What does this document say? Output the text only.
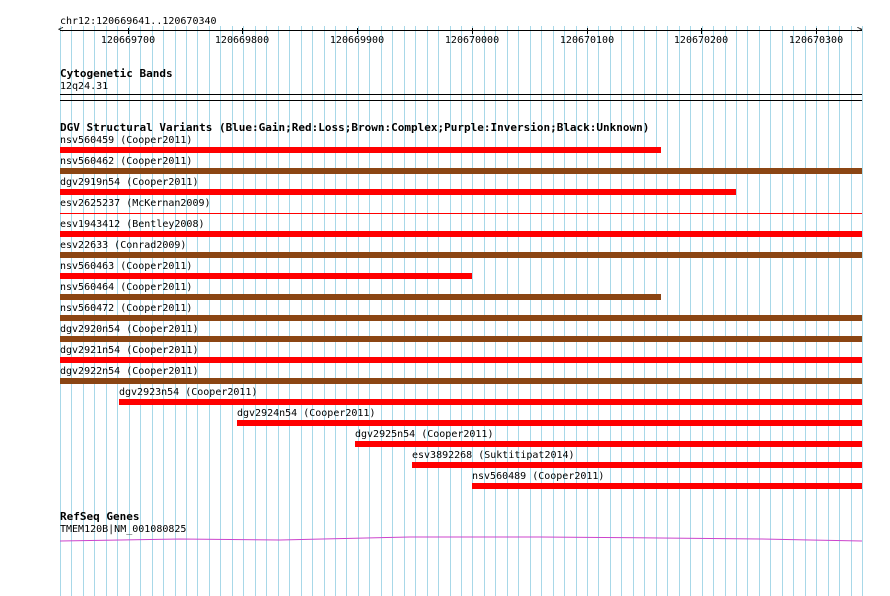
chr12:120669641..120670340
<	>
120669700	120669800	120669900	120670000	120670100	120670200	120670300
Cytogenetic Bands
12q24.31
DGV Structural Variants (Blue:Gain;Red:Loss;Brown:Complex;Purple:Inversion;Black:Unknown)
nsv560459 (Cooper2011)
nsv560462 (Cooper2011)
dgv2919n54 (Cooper2011)
esv2625237 (McKernan2009)
esv1943412 (Bentley2008)
esv22633 (Conrad2009)
nsv560463 (Cooper2011)
nsv560464 (Cooper2011)
nsv560472 (Cooper2011)
dgv2920n54 (Cooper2011)
dgv2921n54 (Cooper2011)
dgv2922n54 (Cooper2011)
dgv2923n54 (Cooper2011)
dgv2924n54 (Cooper2011)
dgv2925n54 (Cooper2011)
esv3892268 (Suktitipat2014)
nsv560489 (Cooper2011)
RefSeq Genes
TMEM120B|NM_001080825
